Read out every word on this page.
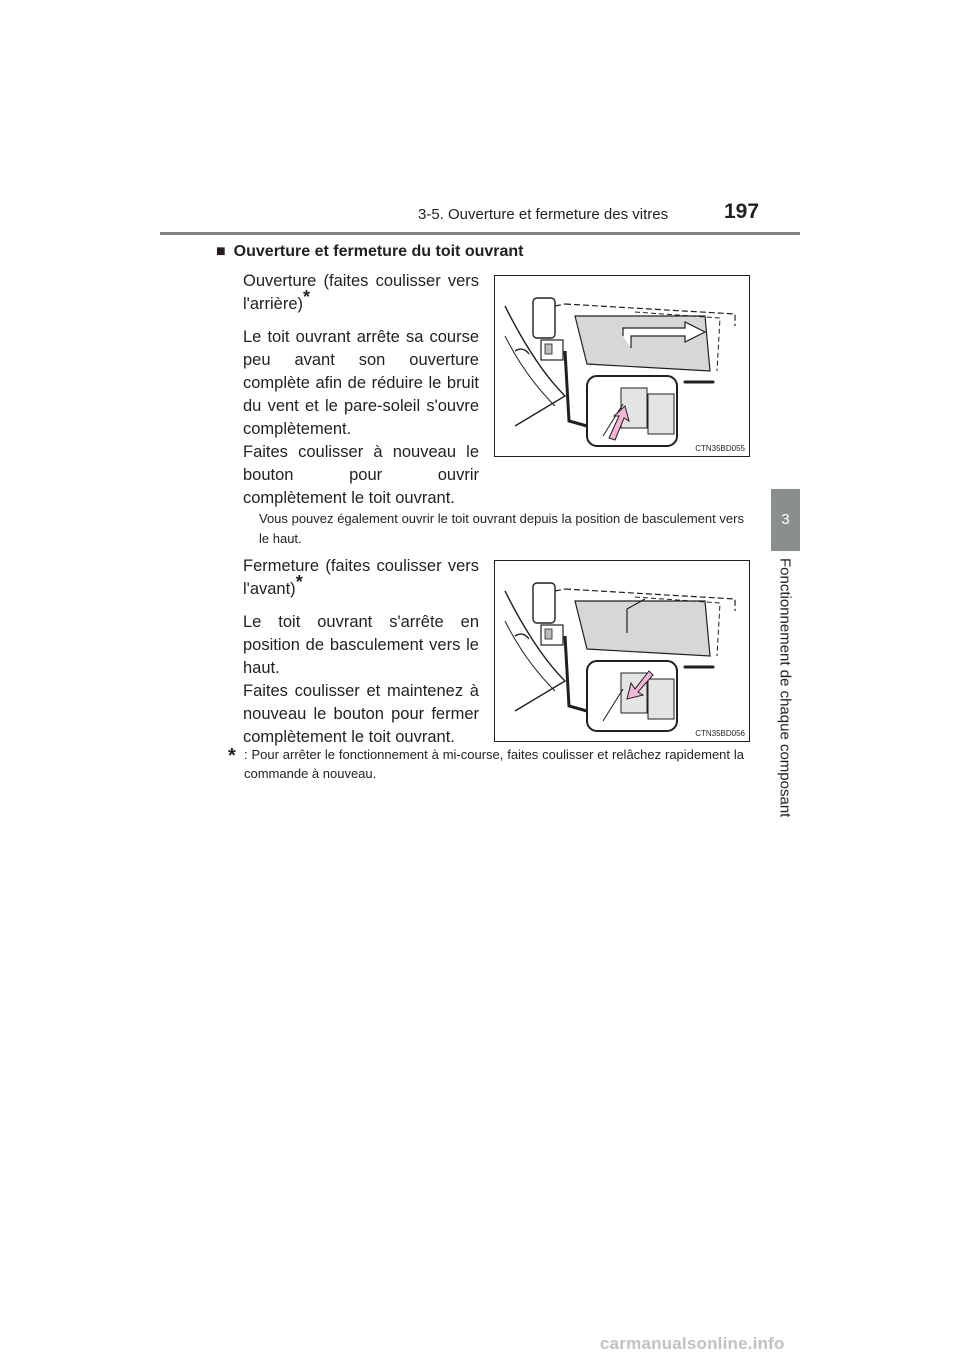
3-5. Ouverture et fermeture des vitres	197
3
Fonctionnement de chaque composant
■ Ouverture et fermeture du toit ouvrant

Ouverture (faites coulisser vers l'arrière)*

Le toit ouvrant arrête sa course peu avant son ouverture complète afin de réduire le bruit du vent et le pare-soleil s'ouvre complètement.

Faites coulisser à nouveau le bouton pour ouvrir complètement le toit ouvrant.

CTN35BD055
Vous pouvez également ouvrir le toit ouvrant depuis la position de basculement vers le haut.

Fermeture (faites coulisser vers l'avant)*

Le toit ouvrant s'arrête en position de basculement vers le haut.

Faites coulisser et maintenez à nouveau le bouton pour fermer complètement le toit ouvrant.	CTN35BD056
* : Pour arrêter le fonctionnement à mi-course, faites coulisser et relâchez rapidement la commande à nouveau.
carmanualsonline.info
